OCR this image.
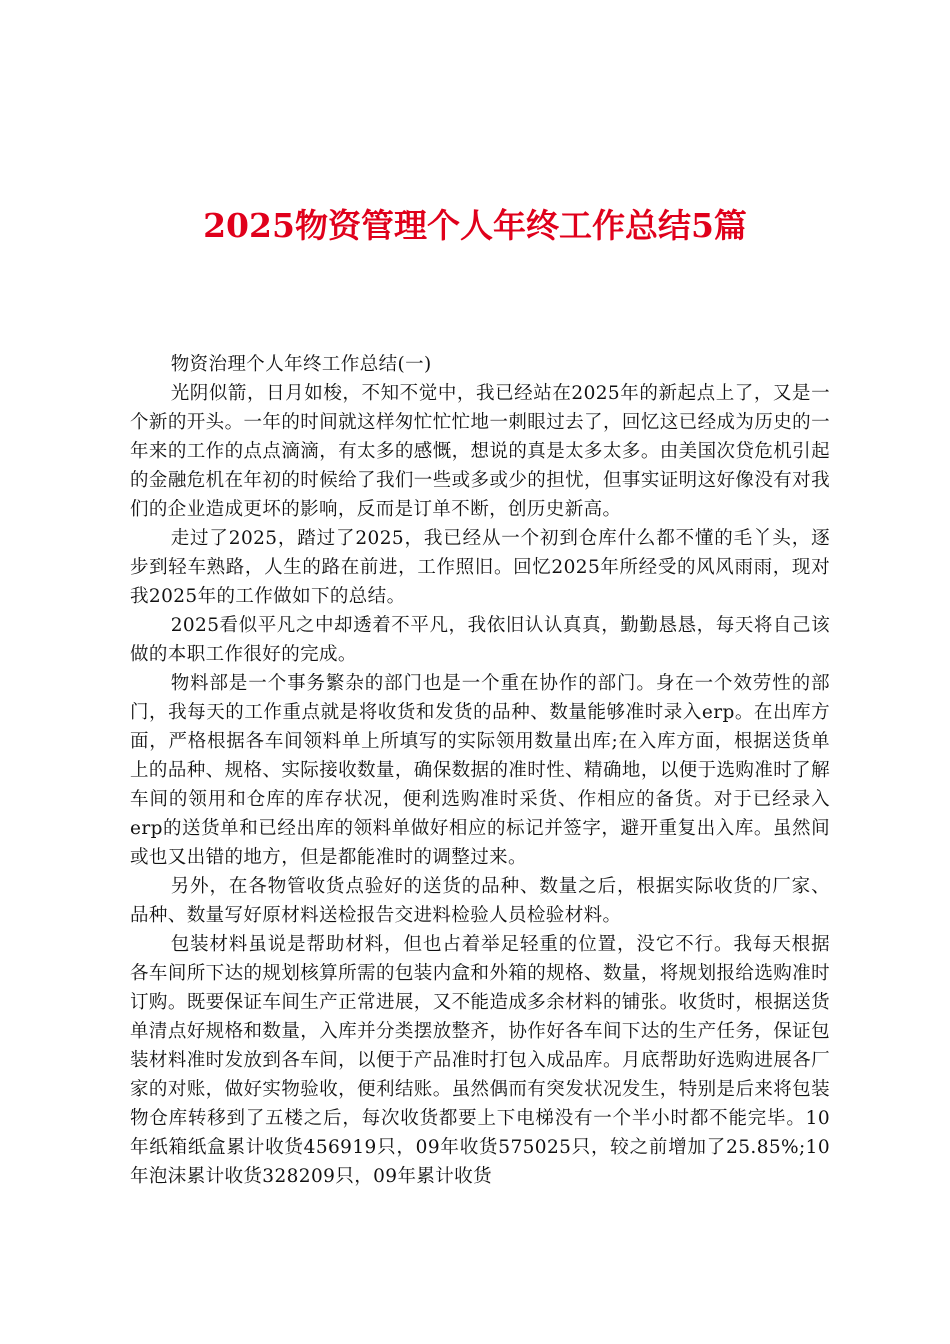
2025物资管理个人年终工作总结5篇

物资治理个人年终工作总结(一)

光阴似箭，日月如梭，不知不觉中，我已经站在2025年的新起点上了，又是一个新的开头。一年的时间就这样匆忙忙忙地一刺眼过去了，回忆这已经成为历史的一年来的工作的点点滴滴，有太多的感慨，想说的真是太多太多。由美国次贷危机引起的金融危机在年初的时候给了我们一些或多或少的担忧，但事实证明这好像没有对我们的企业造成更坏的影响，反而是订单不断，创历史新高。

走过了2025，踏过了2025，我已经从一个初到仓库什么都不懂的毛丫头，逐步到轻车熟路，人生的路在前进，工作照旧。回忆2025年所经受的风风雨雨，现对我2025年的工作做如下的总结。

2025看似平凡之中却透着不平凡，我依旧认认真真，勤勤恳恳，每天将自己该做的本职工作很好的完成。

物料部是一个事务繁杂的部门也是一个重在协作的部门。身在一个效劳性的部门，我每天的工作重点就是将收货和发货的品种、数量能够准时录入erp。在出库方面，严格根据各车间领料单上所填写的实际领用数量出库;在入库方面，根据送货单上的品种、规格、实际接收数量，确保数据的准时性、精确地，以便于选购准时了解车间的领用和仓库的库存状况，便利选购准时采货、作相应的备货。对于已经录入erp的送货单和已经出库的领料单做好相应的标记并签字，避开重复出入库。虽然间或也又出错的地方，但是都能准时的调整过来。

另外，在各物管收货点验好的送货的品种、数量之后，根据实际收货的厂家、品种、数量写好原材料送检报告交进料检验人员检验材料。

包装材料虽说是帮助材料，但也占着举足轻重的位置，没它不行。我每天根据各车间所下达的规划核算所需的包装内盒和外箱的规格、数量，将规划报给选购准时订购。既要保证车间生产正常进展，又不能造成多余材料的铺张。收货时，根据送货单清点好规格和数量，入库并分类摆放整齐，协作好各车间下达的生产任务，保证包装材料准时发放到各车间，以便于产品准时打包入成品库。月底帮助好选购进展各厂家的对账，做好实物验收，便利结账。虽然偶而有突发状况发生，特别是后来将包装物仓库转移到了五楼之后，每次收货都要上下电梯没有一个半小时都不能完毕。10年纸箱纸盒累计收货456919只，09年收货575025只，较之前增加了25.85%;10年泡沫累计收货328209只，09年累计收货
